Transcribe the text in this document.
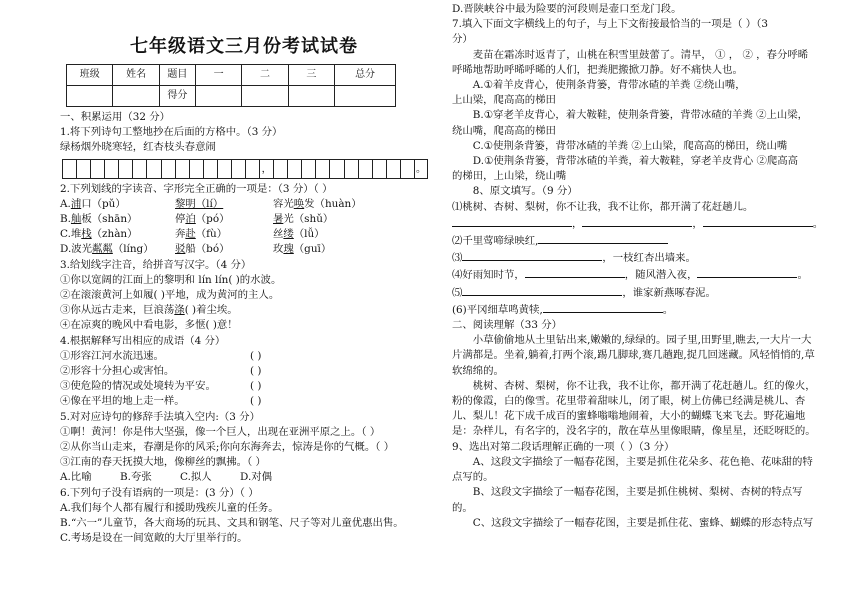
七年级语文三月份考试试卷
班级	姓名	题目	一	二	三	总分
		得分				
一、积累运用（32 分）
1.将下列诗句工整地抄在后面的方格中。（3 分）
绿杨烟外晓寒轻，红杏枝头春意闹
，	。
2.下列划线的字读音、字形完全正确的一项是：（3 分）（ ）
A.浦口（pǔ）	黎明（lí）	容光唤发（huàn）
B.舢板（shān）	停泊（pó）	暑光（shǔ）
C.堆栈（zhàn）	奔赴（fù）	丝缕（lǚ）
D.波光粼粼（líng）	驳船（bó）	玫瑰（guī）
3.给划线字注音，给拼音写汉字。（4 分）
①你以宽阔的江面上的黎明和 lín lín( )的水波。
②在滚滚黄河上如履( )平地，成为黄河的主人。
③你从远古走来，巨浪荡涤( )着尘埃。
④在凉爽的晚风中看电影，多惬( )意！
4.根据解释写出相应的成语（4 分）
①形容江河水流迅速。	( )
②形容十分担心或害怕。	( )
③使危险的情况或处境转为平安。	( )
④像在平坦的地上走一样。	( )
5.对对应诗句的修辞手法填入空内:（3 分）
①啊！黄河！你是伟大坚强，像一个巨人，出现在亚洲平原之上。（ ）
②从你当山走来，春潮是你的风采;你向东海奔去，惊涛是你的气概。（ ）
③江南的春天抚摸大地，像柳丝的飘拂。（ ）
A.比喻	B.夸张	C.拟人	D.对偶
6.下列句子没有语病的一项是：(3 分）（ ）
A.我们每个人都有履行和援助残疾儿童的任务。
B.“六一”儿童节，各大商场的玩具、文具和钢笔、尺子等对儿童优惠出售。
C.考场是设在一间宽敞的大厅里举行的。
D.晋陕峡谷中最为险要的河段则是壶口至龙门段。
7.填入下面文字横线上的句子，与上下文衔接最恰当的一项是（ ）（3
分）
麦苗在霜冻时返青了，山桃在积雪里鼓蕾了。清早， ① ， ② ，春分呼晞
呼晞地帮助呼晞呼晞的人们，把粪肥搬掀刀静。好不痛快人也。
A.①着羊皮背心，使荆条背篓，背带冰碴的羊粪 ②绕山嘴，
上山梁，爬高高的梯田
B.①穿老羊皮背心，着大鞍鞋，使荆条背篓，背带冰碴的羊粪 ②上山梁，
绕山嘴，爬高高的梯田
C.①使荆条背篓，背带冰碴的羊粪 ②上山梁，爬高高的梯田，绕山嘴
D.①使荆条背篓，背带冰碴的羊粪，着大鞍鞋，穿老羊皮背心 ②爬高高
的梯田，上山梁，绕山嘴
8、原文填写。（9 分）
⑴桃树、杏树、梨树，你不让我，我不让你，都开满了花赶趟儿。
，	，	。
⑵千里莺啼绿映红,
⑶	，一枝红杏出墙来。
⑷好雨知时节，	，随风潜入夜，	。
⑸	，谁家新燕啄春泥。
(6)平冈细草鸣黄犊,	。
二、阅读理解（33 分）
小草偷偷地从土里钻出来,嫩嫩的,绿绿的。园子里,田野里,瞧去,一大片一大片满都是。坐着,躺着,打两个滚,踢几脚球,赛几趟跑,捉几回迷藏。风轻悄悄的,草软绵绵的。
桃树、杏树、梨树，你不让我，我不让你，都开满了花赶趟儿。红的像火，粉的像霞，白的像雪。花里带着甜味儿，闭了眼，树上仿佛已经满是桃儿、杏儿、梨儿！花下成千成百的蜜蜂嗡嗡地闹着，大小的蝴蝶飞来飞去。野花遍地是：杂样儿，有名字的，没名字的，散在草丛里像眼睛，像星星，还眨呀眨的。
9、选出对第二段话理解正确的一项（ ）（3 分）
A、这段文字描绘了一幅春花图，主要是抓住花朵多、花色艳、花味甜的特点写的。
B、这段文字描绘了一幅春花图，主要是抓住桃树、梨树、杏树的特点写的。
C、这段文字描绘了一幅春花图，主要是抓住花、蜜蜂、蝴蝶的形态特点写
